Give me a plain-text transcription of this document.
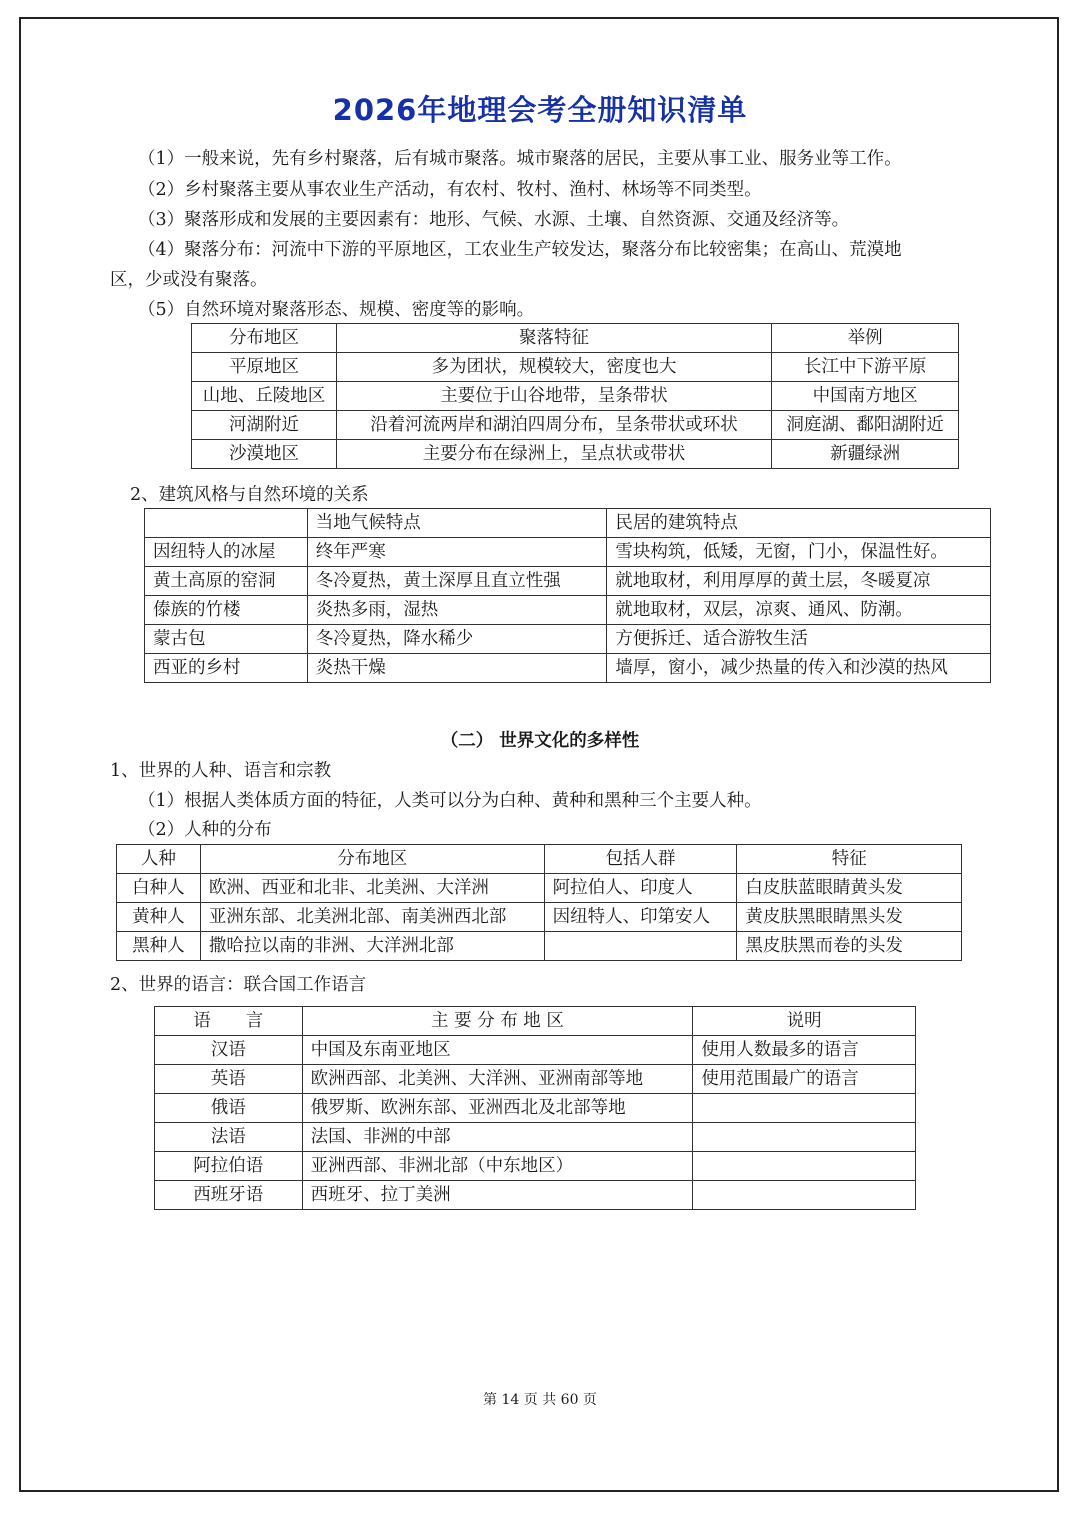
2026年地理会考全册知识清单
（1）一般来说，先有乡村聚落，后有城市聚落。城市聚落的居民，主要从事工业、服务业等工作。
（2）乡村聚落主要从事农业生产活动，有农村、牧村、渔村、林场等不同类型。
（3）聚落形成和发展的主要因素有：地形、气候、水源、土壤、自然资源、交通及经济等。
（4）聚落分布：河流中下游的平原地区，工农业生产较发达，聚落分布比较密集；在高山、荒漠地
区，少或没有聚落。
（5）自然环境对聚落形态、规模、密度等的影响。
分布地区	聚落特征	举例
平原地区	多为团状，规模较大，密度也大	长江中下游平原
山地、丘陵地区	主要位于山谷地带，呈条带状	中国南方地区
河湖附近	沿着河流两岸和湖泊四周分布，呈条带状或环状	洞庭湖、鄱阳湖附近
沙漠地区	主要分布在绿洲上，呈点状或带状	新疆绿洲
2、建筑风格与自然环境的关系
	当地气候特点	民居的建筑特点
因纽特人的冰屋	终年严寒	雪块构筑，低矮，无窗，门小，保温性好。
黄土高原的窑洞	冬冷夏热，黄土深厚且直立性强	就地取材，利用厚厚的黄土层，冬暖夏凉
傣族的竹楼	炎热多雨，湿热	就地取材，双层，凉爽、通风、防潮。
蒙古包	冬冷夏热，降水稀少	方便拆迁、适合游牧生活
西亚的乡村	炎热干燥	墙厚，窗小，减少热量的传入和沙漠的热风
（二） 世界文化的多样性
1、世界的人种、语言和宗教
（1）根据人类体质方面的特征，人类可以分为白种、黄种和黑种三个主要人种。
（2）人种的分布
人种	分布地区	包括人群	特征
白种人	欧洲、西亚和北非、北美洲、大洋洲	阿拉伯人、印度人	白皮肤蓝眼睛黄头发
黄种人	亚洲东部、北美洲北部、南美洲西北部	因纽特人、印第安人	黄皮肤黑眼睛黑头发
黑种人	撒哈拉以南的非洲、大洋洲北部		黑皮肤黑而卷的头发
2、世界的语言：联合国工作语言
语　　言	主 要 分 布 地 区	说明
汉语	中国及东南亚地区	使用人数最多的语言
英语	欧洲西部、北美洲、大洋洲、亚洲南部等地	使用范围最广的语言
俄语	俄罗斯、欧洲东部、亚洲西北及北部等地	
法语	法国、非洲的中部	
阿拉伯语	亚洲西部、非洲北部（中东地区）	
西班牙语	西班牙、拉丁美洲	
第 14 页 共 60 页
